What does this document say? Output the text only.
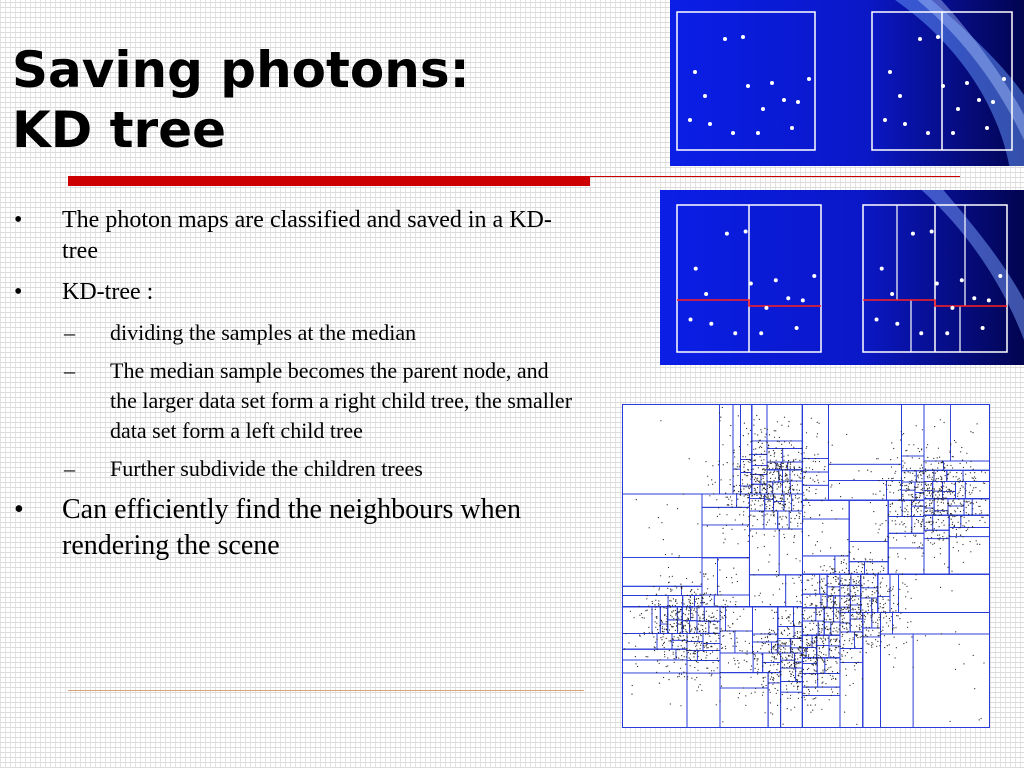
Saving photons:
KD tree
• The photon maps are classified and saved in a KD-tree
• KD-tree :
– dividing the samples at the median
– The median sample becomes the parent node, and the larger data set form a right child tree, the smaller data set form a left child tree
– Further subdivide the children trees
• Can efficiently find the neighbours when rendering the scene
